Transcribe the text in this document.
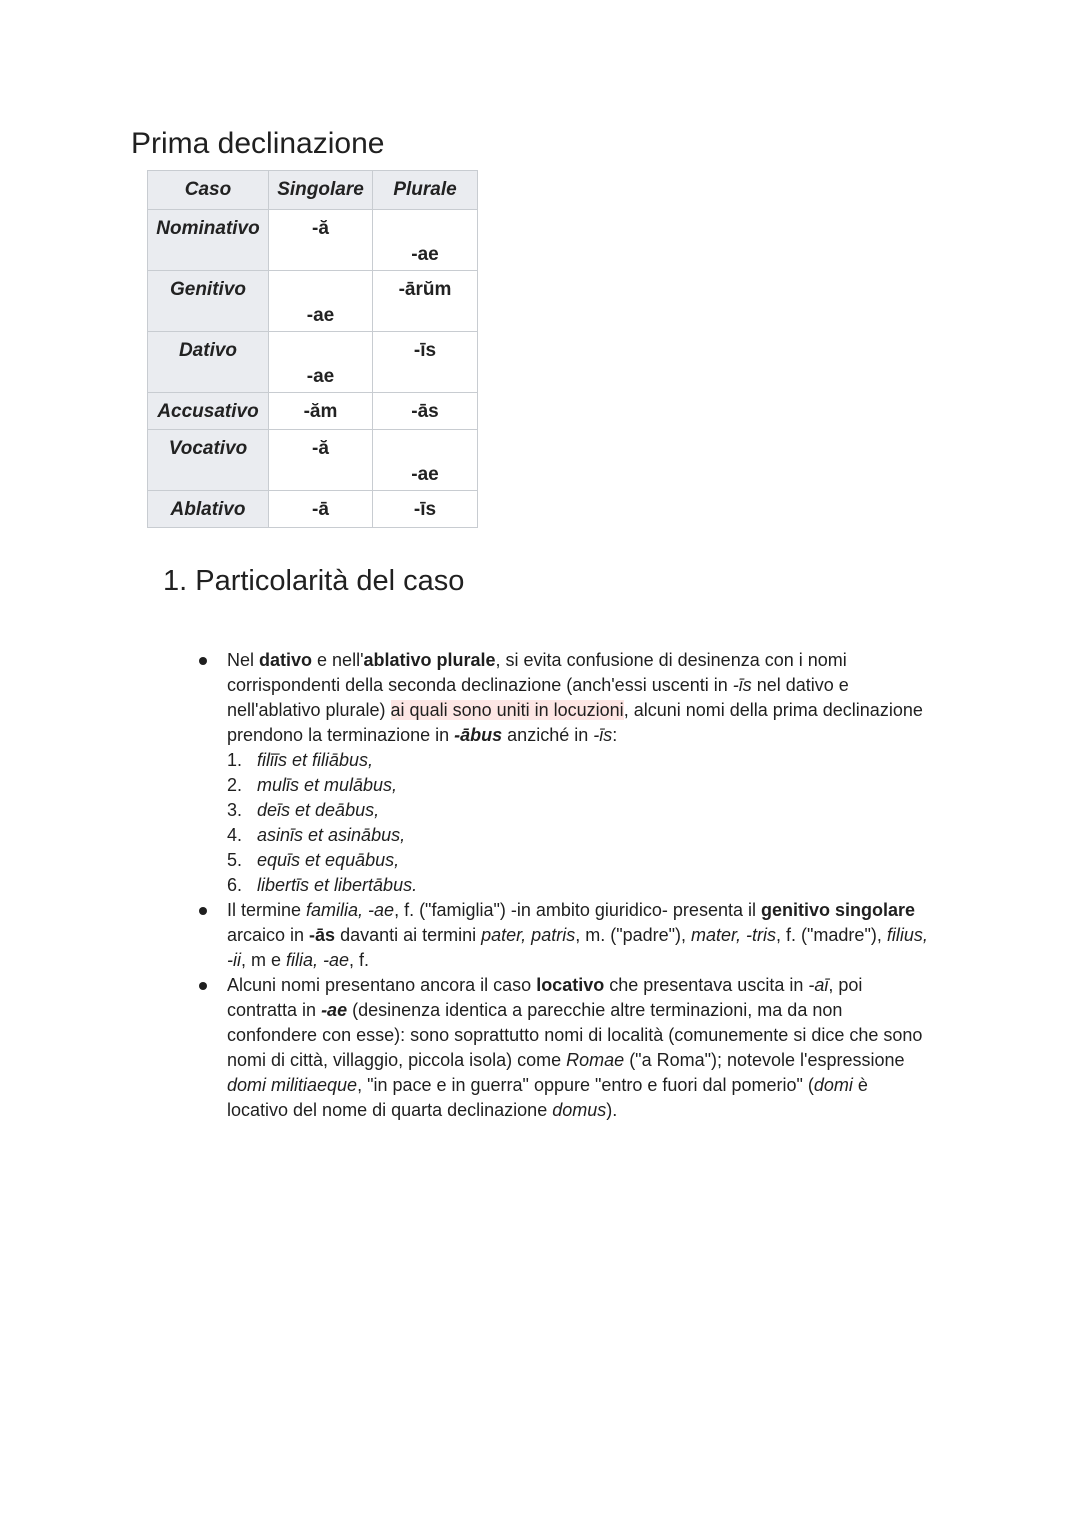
Prima declinazione
Caso	Singolare	Plurale
Nominativo	-ă	-ae

Genitivo	-ae	-ārŭm

Dativo	-ae	-īs

Accusativo	-ăm	-ās

Vocativo	-ă	-ae

Ablativo	-ā	-īs
1. Particolarità del caso
Nel dativo e nell'ablativo plurale, si evita confusione di desinenza con i nomi corrispondenti della seconda declinazione (anch'essi uscenti in -īs nel dativo e nell'ablativo plurale) ai quali sono uniti in locuzioni, alcuni nomi della prima declinazione prendono la terminazione in -ābus anziché in -īs:
1. filīīs et filiābus,
2. mulīs et mulābus,
3. deīs et deābus,
4. asinīs et asinābus,
5. equīs et equābus,
6. libertīs et libertābus.
Il termine familia, -ae, f. ("famiglia") -in ambito giuridico- presenta il genitivo singolare arcaico in -ās davanti ai termini pater, patris, m. ("padre"), mater, -tris, f. ("madre"), filius, -ii, m e filia, -ae, f.
Alcuni nomi presentano ancora il caso locativo che presentava uscita in -aī, poi contratta in -ae (desinenza identica a parecchie altre terminazioni, ma da non confondere con esse): sono soprattutto nomi di località (comunemente si dice che sono nomi di città, villaggio, piccola isola) come Romae ("a Roma"); notevole l'espressione domi militiaeque, "in pace e in guerra" oppure "entro e fuori dal pomerio" (domi è locativo del nome di quarta declinazione domus).
